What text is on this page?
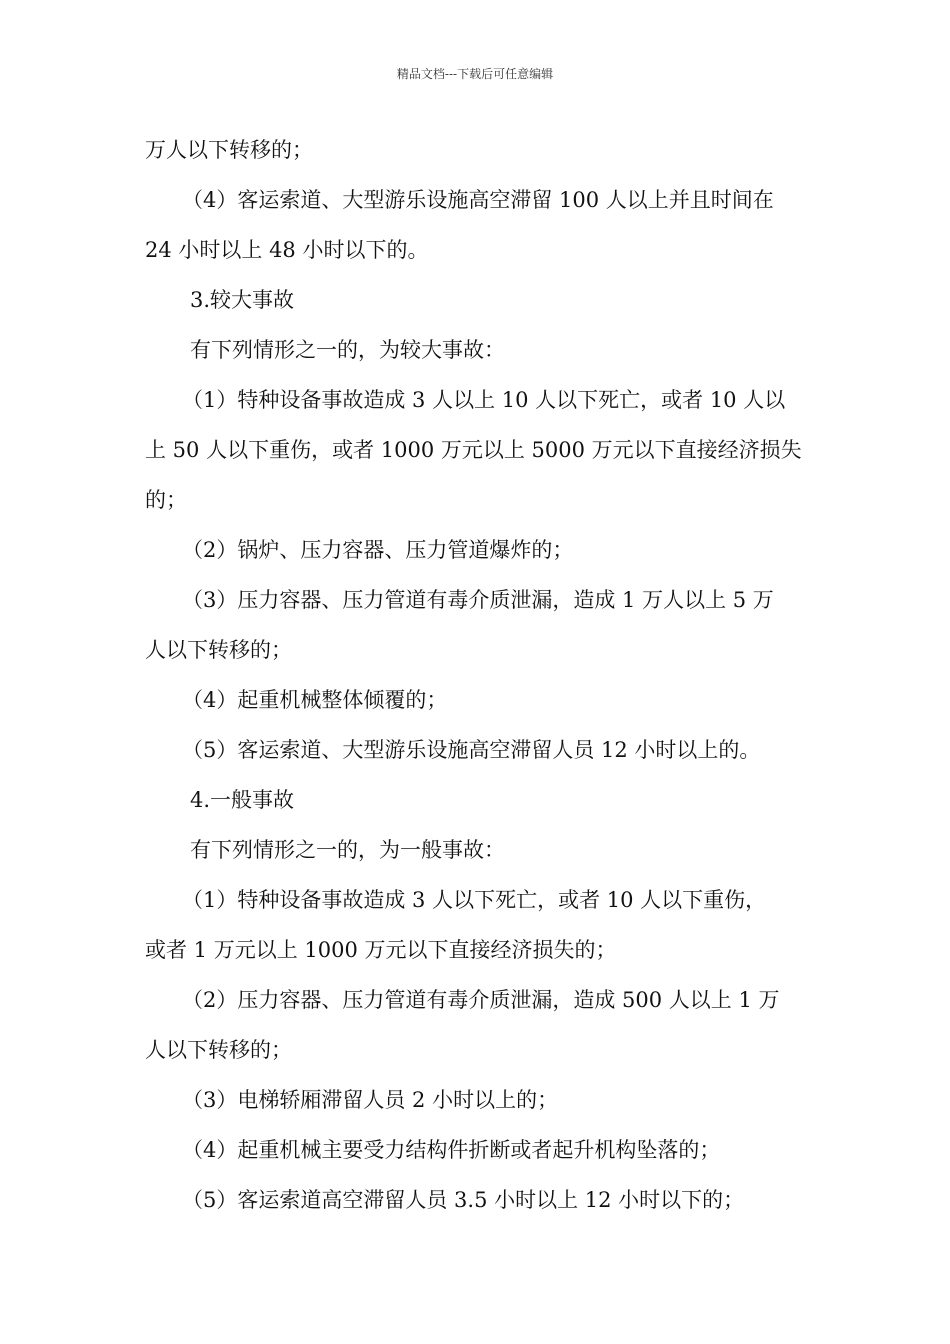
精品文档---下载后可任意编辑
万人以下转移的；
（4）客运索道、大型游乐设施高空滞留 100 人以上并且时间在
24 小时以上 48 小时以下的。
3.较大事故
有下列情形之一的，为较大事故：
（1）特种设备事故造成 3 人以上 10 人以下死亡，或者 10 人以
上 50 人以下重伤，或者 1000 万元以上 5000 万元以下直接经济损失
的；
（2）锅炉、压力容器、压力管道爆炸的；
（3）压力容器、压力管道有毒介质泄漏，造成 1 万人以上 5 万
人以下转移的；
（4）起重机械整体倾覆的；
（5）客运索道、大型游乐设施高空滞留人员 12 小时以上的。
4.一般事故
有下列情形之一的，为一般事故：
（1）特种设备事故造成 3 人以下死亡，或者 10 人以下重伤，
或者 1 万元以上 1000 万元以下直接经济损失的；
（2）压力容器、压力管道有毒介质泄漏，造成 500 人以上 1 万
人以下转移的；
（3）电梯轿厢滞留人员 2 小时以上的；
（4）起重机械主要受力结构件折断或者起升机构坠落的；
（5）客运索道高空滞留人员 3.5 小时以上 12 小时以下的；
